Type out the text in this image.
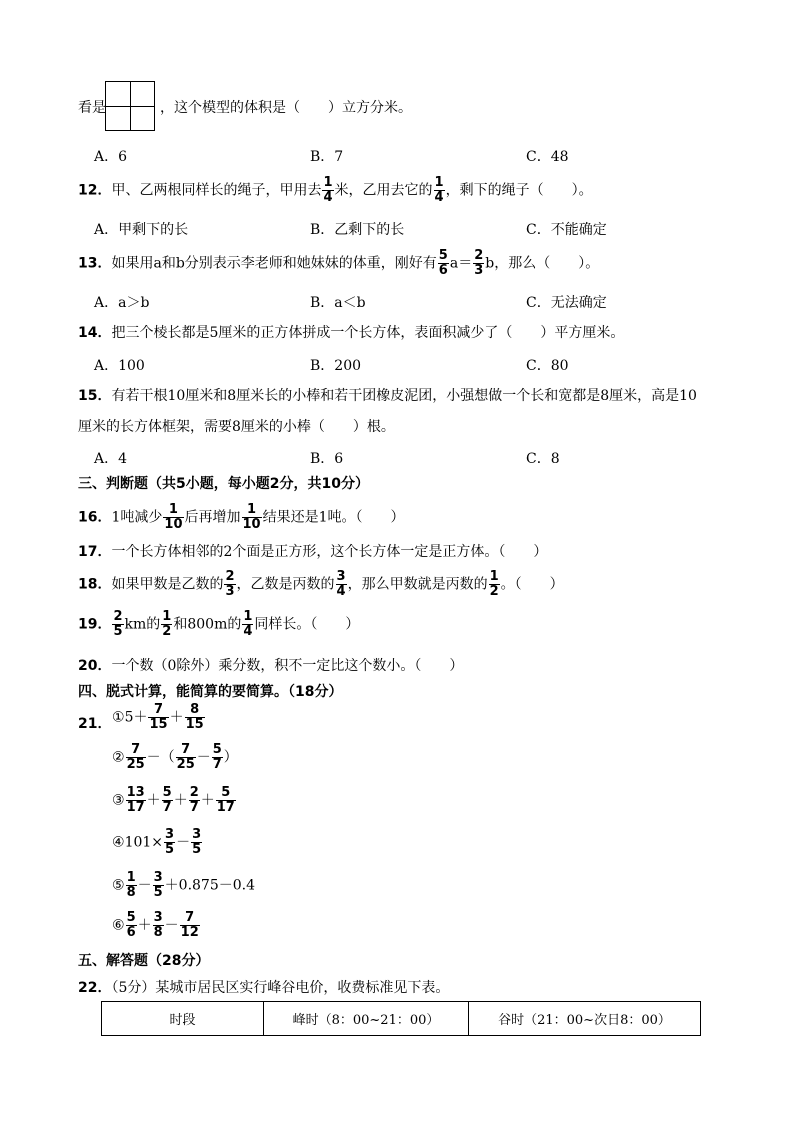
看是	，这个模型的体积是（　　）立方分米。
A．6	B．7	C．48
12．甲、乙两根同样长的绳子，甲用去 $\frac{1}{4}$ 米，乙用去它的 $\frac{1}{4}$ ，剩下的绳子（　　）。
A．甲剩下的长	B．乙剩下的长	C．不能确定
13．如果用a和b分别表示李老师和她妹妹的体重，刚好有 $\frac{5}{6} a= \frac{2}{3}$ b，那么（　　）。
A．a＞b	B．a＜b	C．无法确定
14．把三个棱长都是5厘米的正方体拼成一个长方体，表面积减少了（　　）平方厘米。
A．100	B．200	C．80
15．有若干根10厘米和8厘米长的小棒和若干团橡皮泥团，小强想做一个长和宽都是8厘米，高是10
厘米的长方体框架，需要8厘米的小棒（　　）根。
A．4	B．6	C．8
三、判断题（共5小题，每小题2分，共10分）
16．1吨减少 $\frac{1}{10}$ 后再增加 $\frac{1}{10}$ 结果还是1吨。（　　）
17．一个长方体相邻的2个面是正方形，这个长方体一定是正方体。（　　）
18．如果甲数是乙数的 $\frac{2}{3}$ ，乙数是丙数的 $\frac{3}{4}$ ，那么甲数就是丙数的 $\frac{1}{2}$ 。（　　）
19． $\frac{2}{5}$ km的 $\frac{1}{2}$ 和800m的 $\frac{1}{4}$ 同样长。（　　）
20．一个数（0除外）乘分数，积不一定比这个数小。（　　）
四、脱式计算，能简算的要简算。（18分）
21． ①5＋ $\frac{7}{15} + \frac{8}{15}$
② $\frac{7}{25}$ －（ $\frac{7}{25} - \frac{5}{7}$ ）
③ $\frac{13}{17} + \frac{5}{7} + \frac{2}{7} + \frac{5}{17}$
④101× $\frac{3}{5} - \frac{3}{5}$
⑤ $\frac{1}{8} - \frac{3}{5} +0.875-0.4$
⑥ $\frac{5}{6} + \frac{3}{8} - \frac{7}{12}$
五、解答题（28分）
22．（5分）某城市居民区实行峰谷电价，收费标准见下表。
时段	峰时（8：00~21：00）	谷时（21：00~次日8：00）
